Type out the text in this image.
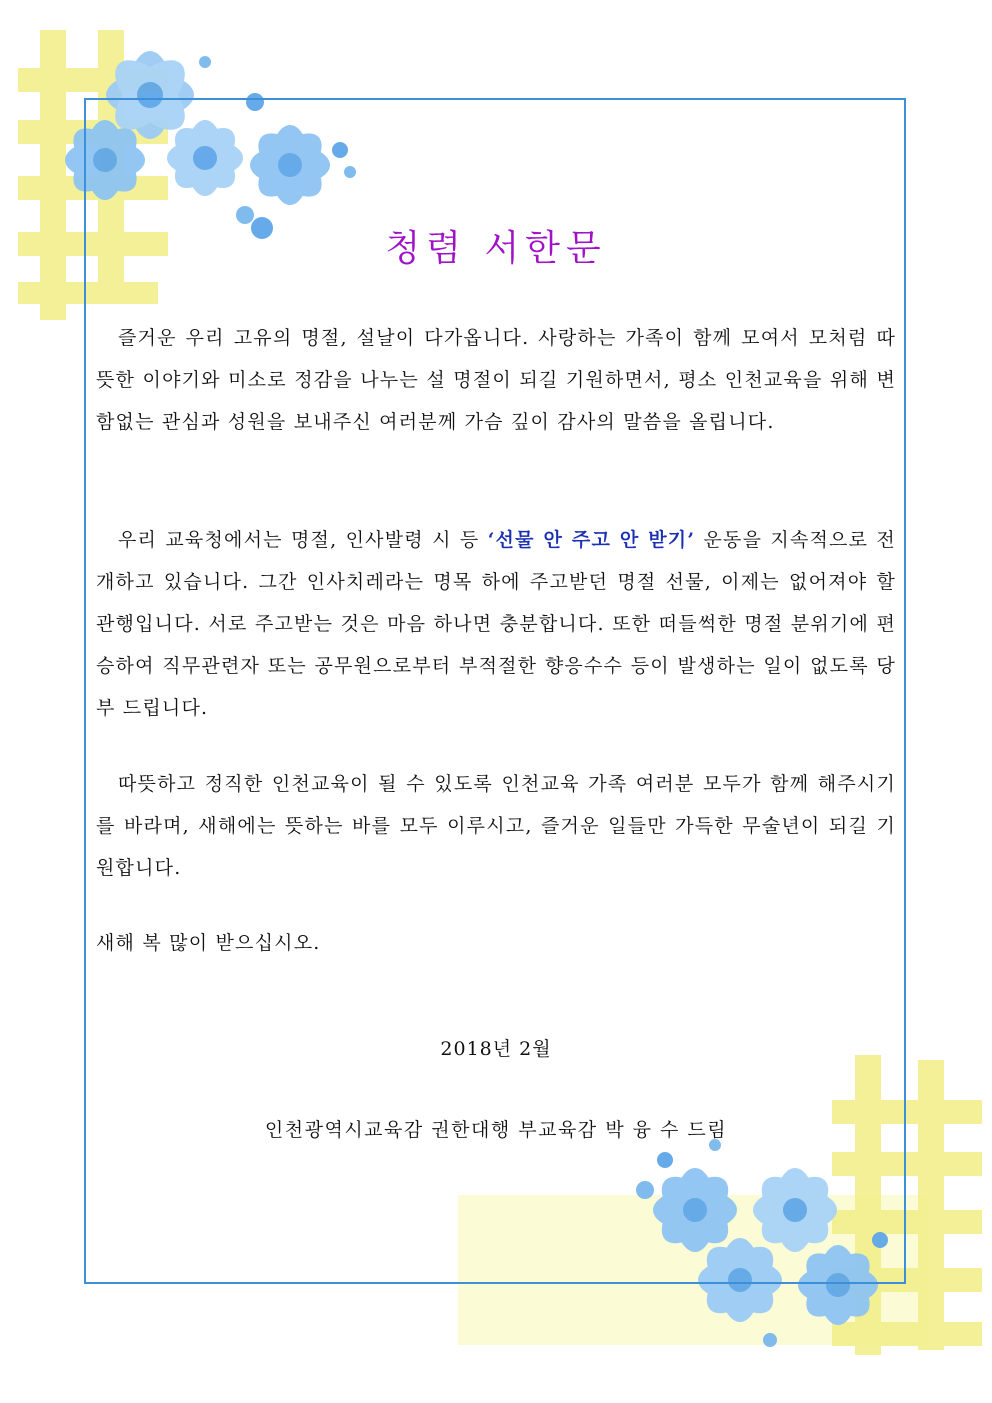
청렴 서한문

즐거운 우리 고유의 명절, 설날이 다가옵니다. 사랑하는 가족이 함께 모여서 모처럼 따뜻한 이야기와 미소로 정감을 나누는 설 명절이 되길 기원하면서, 평소 인천교육을 위해 변함없는 관심과 성원을 보내주신 여러분께 가슴 깊이 감사의 말씀을 올립니다.

우리 교육청에서는 명절, 인사발령 시 등 ‘선물 안 주고 안 받기’ 운동을 지속적으로 전개하고 있습니다. 그간 인사치레라는 명목 하에 주고받던 명절 선물, 이제는 없어져야 할 관행입니다. 서로 주고받는 것은 마음 하나면 충분합니다. 또한 떠들썩한 명절 분위기에 편승하여 직무관련자 또는 공무원으로부터 부적절한 향응수수 등이 발생하는 일이 없도록 당부 드립니다.

따뜻하고 정직한 인천교육이 될 수 있도록 인천교육 가족 여러분 모두가 함께 해주시기를 바라며, 새해에는 뜻하는 바를 모두 이루시고, 즐거운 일들만 가득한 무술년이 되길 기원합니다.

새해 복 많이 받으십시오.

2018년 2월
인천광역시교육감 권한대행 부교육감 박 융 수 드림
